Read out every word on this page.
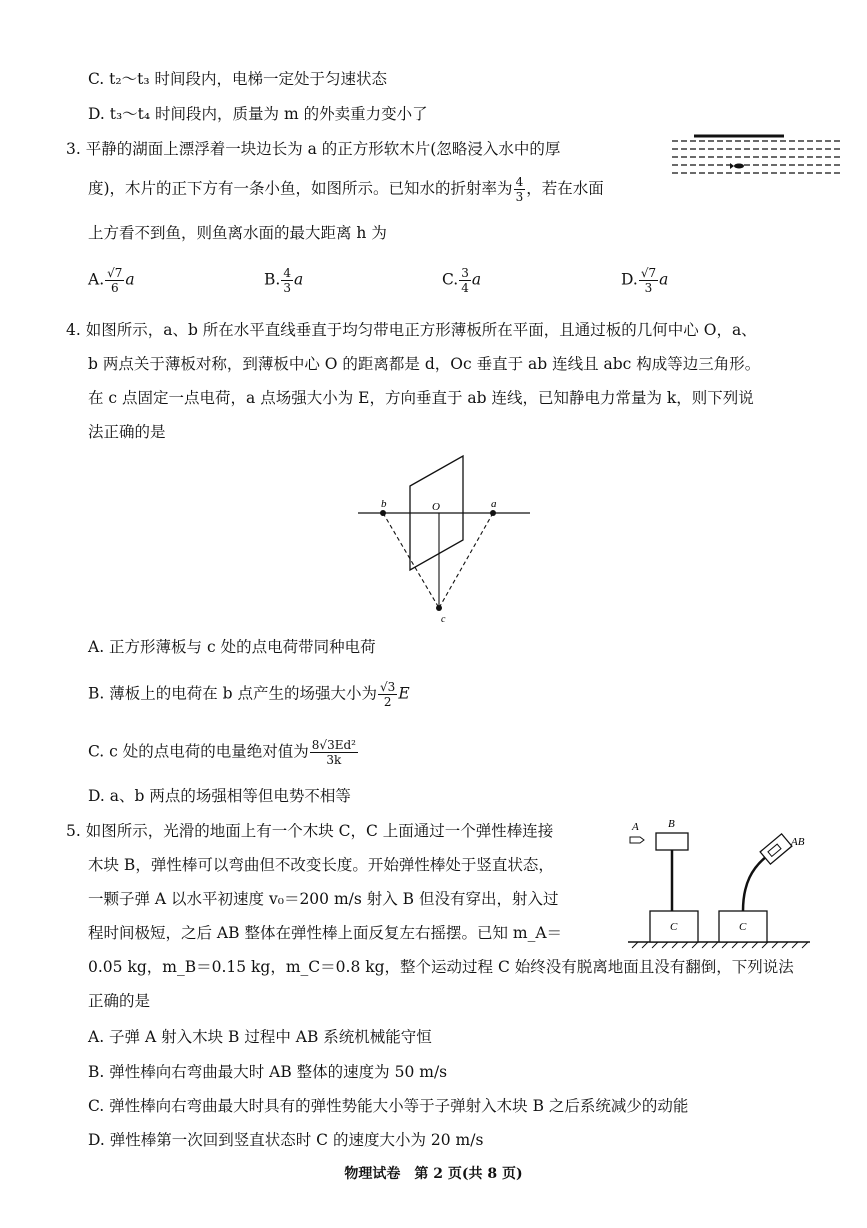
C. t₂～t₃ 时间段内，电梯一定处于匀速状态
D. t₃～t₄ 时间段内，质量为 m 的外卖重力变小了
3. 平静的湖面上漂浮着一块边长为 a 的正方形软木片(忽略浸入水中的厚
度)，木片的正下方有一条小鱼，如图所示。已知水的折射率为 $\frac{4}{3}$ ，若在水面
上方看不到鱼，则鱼离水面的最大距离 h 为
A. $\frac{√7}{6}$ a	B. $\frac{4}{3}$ a	C. $\frac{3}{4}$ a	D. $\frac{√7}{3}$ a
4. 如图所示，a、b 所在水平直线垂直于均匀带电正方形薄板所在平面，且通过板的几何中心 O，a、
b 两点关于薄板对称，到薄板中心 O 的距离都是 d，Oc 垂直于 ab 连线且 abc 构成等边三角形。
在 c 点固定一点电荷，a 点场强大小为 E，方向垂直于 ab 连线，已知静电力常量为 k，则下列说
法正确的是
b	a
O
c
A. 正方形薄板与 c 处的点电荷带同种电荷
B. 薄板上的电荷在 b 点产生的场强大小为 $\frac{√3}{2}$ E
C. c 处的点电荷的电量绝对值为 $\frac{\text{8√3Ed²}}{3k}$
D. a、b 两点的场强相等但电势不相等
5. 如图所示，光滑的地面上有一个木块 C，C 上面通过一个弹性棒连接
木块 B，弹性棒可以弯曲但不改变长度。开始弹性棒处于竖直状态，
一颗子弹 A 以水平初速度 v₀＝200 m/s 射入 B 但没有穿出，射入过
程时间极短，之后 AB 整体在弹性棒上面反复左右摇摆。已知 m_A＝
0.05 kg，m_B＝0.15 kg，m_C＝0.8 kg，整个运动过程 C 始终没有脱离地面且没有翻倒，下列说法
正确的是
C
B
A
C
AB
A. 子弹 A 射入木块 B 过程中 AB 系统机械能守恒
B. 弹性棒向右弯曲最大时 AB 整体的速度为 50 m/s
C. 弹性棒向右弯曲最大时具有的弹性势能大小等于子弹射入木块 B 之后系统减少的动能
D. 弹性棒第一次回到竖直状态时 C 的速度大小为 20 m/s
物理试卷　第 2 页(共 8 页)
